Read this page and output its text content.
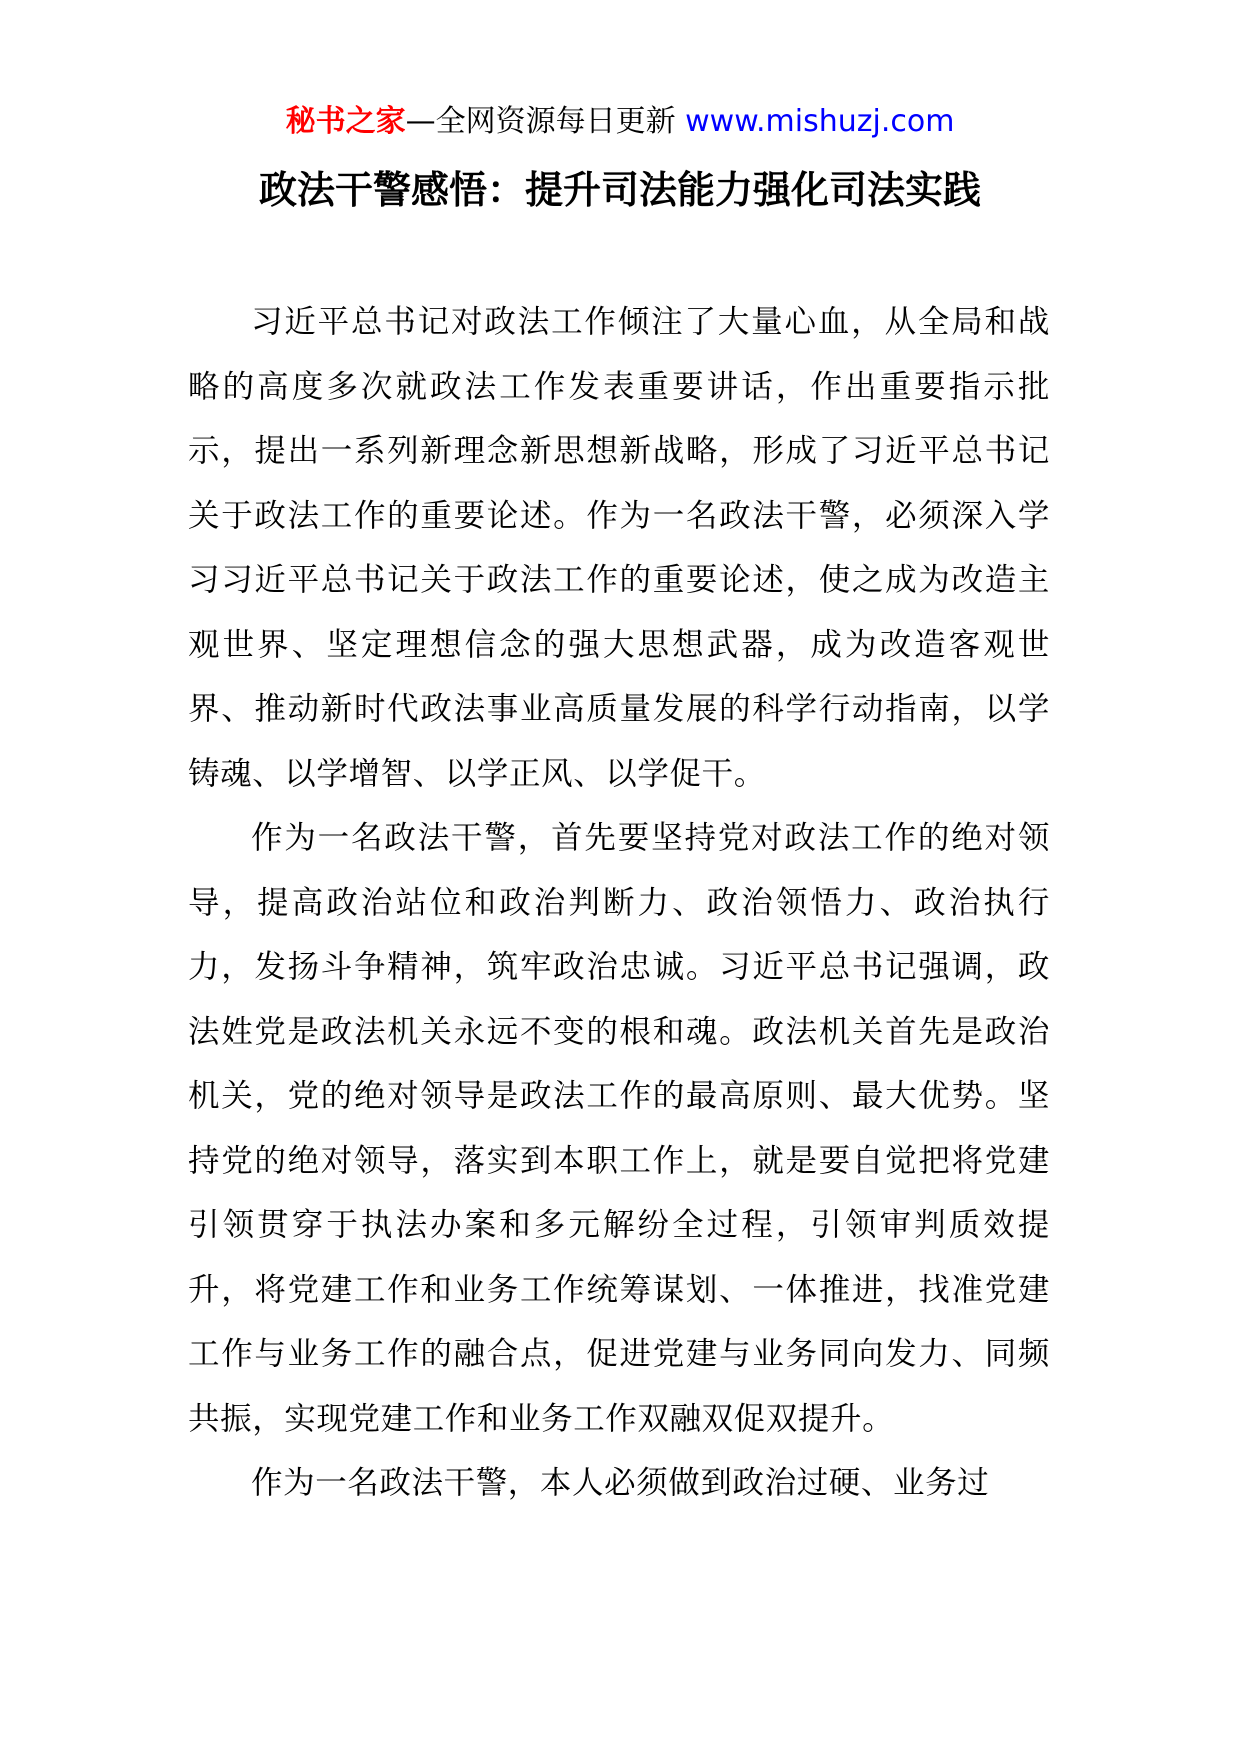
秘书之家—全网资源每日更新 www.mishuzj.com
政法干警感悟：提升司法能力强化司法实践

习近平总书记对政法工作倾注了大量心血，从全局和战略的高度多次就政法工作发表重要讲话，作出重要指示批示，提出一系列新理念新思想新战略，形成了习近平总书记关于政法工作的重要论述。作为一名政法干警，必须深入学习习近平总书记关于政法工作的重要论述，使之成为改造主观世界、坚定理想信念的强大思想武器，成为改造客观世界、推动新时代政法事业高质量发展的科学行动指南，以学铸魂、以学增智、以学正风、以学促干。

作为一名政法干警，首先要坚持党对政法工作的绝对领导，提高政治站位和政治判断力、政治领悟力、政治执行力，发扬斗争精神，筑牢政治忠诚。习近平总书记强调，政法姓党是政法机关永远不变的根和魂。政法机关首先是政治机关，党的绝对领导是政法工作的最高原则、最大优势。坚持党的绝对领导，落实到本职工作上，就是要自觉把将党建引领贯穿于执法办案和多元解纷全过程，引领审判质效提升，将党建工作和业务工作统筹谋划、一体推进，找准党建工作与业务工作的融合点，促进党建与业务同向发力、同频共振，实现党建工作和业务工作双融双促双提升。

作为一名政法干警，本人必须做到政治过硬、业务过
